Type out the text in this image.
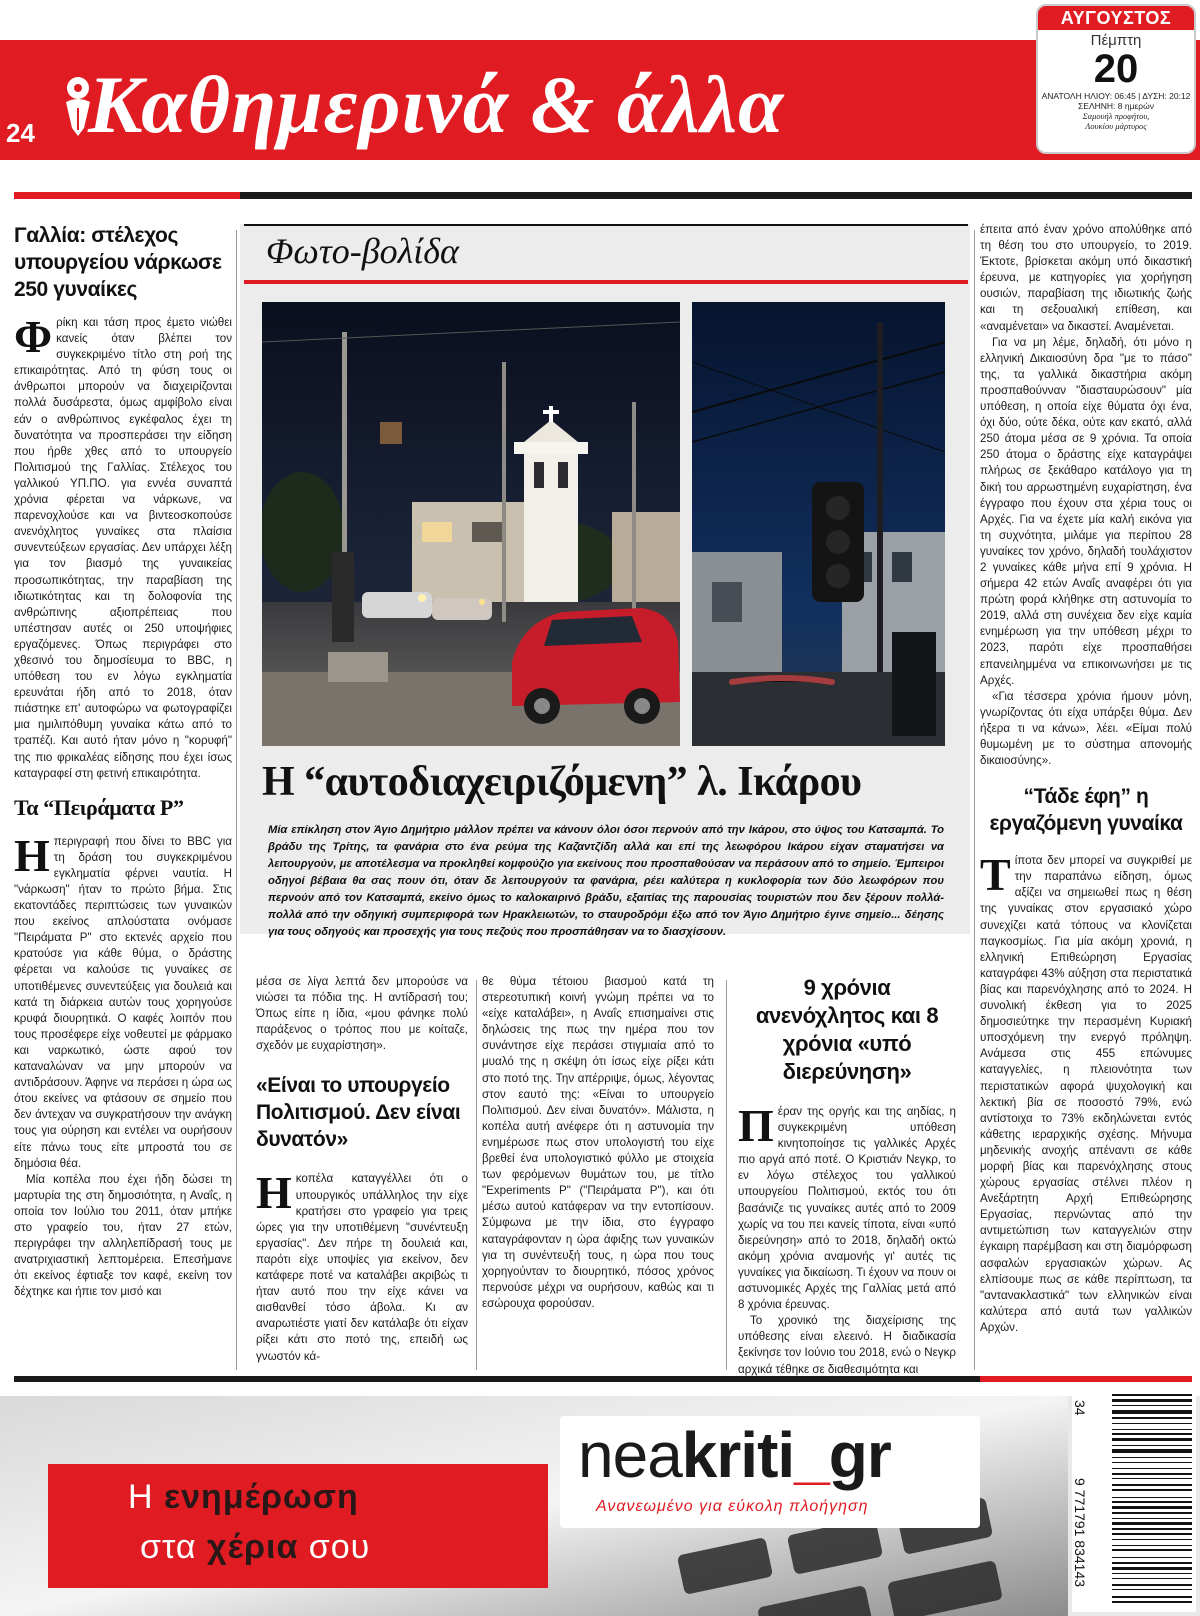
24 Καθημερινά & άλλα
ΑΥΓΟΥΣΤΟΣ
Πέμπτη
20
ΑΝΑΤΟΛΗ ΗΛΙΟΥ: 06:45 | ΔΥΣΗ: 20:12
ΣΕΛΗΝΗ: 8 ημερών
Σαμουήλ προφήτου,
Λουκίου μάρτυρος
Γαλλία: στέλεχος υπουργείου νάρκωσε 250 γυναίκες
Φρίκη και τάση προς έμετο νιώθει κανείς όταν βλέπει τον συγκεκριμένο τίτλο στη ροή της επικαιρότητας. Από τη φύση τους οι άνθρωποι μπορούν να διαχειρίζονται πολλά δυσάρεστα, όμως αμφίβολο είναι εάν ο ανθρώπινος εγκέφαλος έχει τη δυνατότητα να προσπεράσει την είδηση που ήρθε χθες από το υπουργείο Πολιτισμού της Γαλλίας. Στέλεχος του γαλλικού ΥΠ.ΠΟ. για εννέα συναπτά χρόνια φέρεται να νάρκωνε, να παρενοχλούσε και να βιντεοσκοπούσε ανενόχλητος γυναίκες στα πλαίσια συνεντεύξεων εργασίας. Δεν υπάρχει λέξη για τον βιασμό της γυναικείας προσωπικότητας, την παραβίαση της ιδιωτικότητας και τη δολοφονία της ανθρώπινης αξιοπρέπειας που υπέστησαν αυτές οι 250 υποψήφιες εργαζόμενες. Όπως περιγράφει στο χθεσινό του δημοσίευμα το BBC, η υπόθεση του εν λόγω εγκληματία ερευνάται ήδη από το 2018, όταν πιάστηκε επ' αυτοφώρω να φωτογραφίζει μια ημιλιπόθυμη γυναίκα κάτω από το τραπέζι. Και αυτό ήταν μόνο η "κορυφή" της πιο φρικαλέας είδησης που έχει ίσως καταγραφεί στη φετινή επικαιρότητα.
Τα “Πειράματα Ρ”
Ηπεριγραφή που δίνει το BBC για τη δράση του συγκεκριμένου εγκληματία φέρνει ναυτία. Η "νάρκωση" ήταν το πρώτο βήμα. Στις εκατοντάδες περιπτώσεις των γυναικών που εκείνος απλούστατα ονόμασε "Πειράματα Ρ" στο εκτενές αρχείο που κρατούσε για κάθε θύμα, ο δράστης φέρεται να καλούσε τις γυναίκες σε υποτιθέμενες συνεντεύξεις για δουλειά και κατά τη διάρκεια αυτών τους χορηγούσε κρυφά διουρητικά. Ο καφές λοιπόν που τους προσέφερε είχε νοθευτεί με φάρμακο και ναρκωτικό, ώστε αφού τον καταναλώναν να μην μπορούν να αντιδράσουν. Άφηνε να περάσει η ώρα ως ότου εκείνες να φτάσουν σε σημείο που δεν άντεχαν να συγκρατήσουν την ανάγκη τους για ούρηση και εντέλει να ουρήσουν είτε πάνω τους είτε μπροστά του σε δημόσια θέα.

Μία κοπέλα που έχει ήδη δώσει τη μαρτυρία της στη δημοσιότητα, η Αναΐς, η οποία τον Ιούλιο του 2011, όταν μπήκε στο γραφείο του, ήταν 27 ετών, περιγράφει την αλληλεπίδρασή τους με ανατριχιαστική λεπτομέρεια. Επεσήμανε ότι εκείνος έφτιαξε τον καφέ, εκείνη τον δέχτηκε και ήπιε τον μισό και

Φωτο-βολίδα
Η “αυτοδιαχειριζόμενη” λ. Ικάρου
Μία επίκληση στον Άγιο Δημήτριο μάλλον πρέπει να κάνουν όλοι όσοι περνούν από την Ικάρου, στο ύψος του Κατσαμπά. Το βράδυ της Τρίτης, τα φανάρια στο ένα ρεύμα της Καζαντζίδη αλλά και επί της λεωφόρου Ικάρου είχαν σταματήσει να λειτουργούν, με αποτέλεσμα να προκληθεί κομφούζιο για εκείνους που προσπαθούσαν να περάσουν από το σημείο. Έμπειροι οδηγοί βέβαια θα σας πουν ότι, όταν δε λειτουργούν τα φανάρια, ρέει καλύτερα η κυκλοφορία των δύο λεωφόρων που περνούν από τον Κατσαμπά, εκείνο όμως το καλοκαιρινό βράδυ, εξαιτίας της παρουσίας τουριστών που δεν ξέρουν πολλά-πολλά από την οδηγική συμπεριφορά των Ηρακλειωτών, το σταυροδρόμι έξω από τον Άγιο Δημήτριο έγινε σημείο... δέησης για τους οδηγούς και προσεχής για τους πεζούς που προσπάθησαν να το διασχίσουν.
έπειτα από έναν χρόνο απολύθηκε από τη θέση του στο υπουργείο, το 2019. Έκτοτε, βρίσκεται ακόμη υπό δικαστική έρευνα, με κατηγορίες για χορήγηση ουσιών, παραβίαση της ιδιωτικής ζωής και τη σεξουαλική επίθεση, και «αναμένεται» να δικαστεί. Αναμένεται.

Για να μη λέμε, δηλαδή, ότι μόνο η ελληνική Δικαιοσύνη δρα "με το πάσο" της, τα γαλλικά δικαστήρια ακόμη προσπαθούνναν "διασταυρώσουν" μία υπόθεση, η οποία είχε θύματα όχι ένα, όχι δύο, ούτε δέκα, ούτε καν εκατό, αλλά 250 άτομα μέσα σε 9 χρόνια. Τα οποία 250 άτομα ο δράστης είχε καταγράψει πλήρως σε ξεκάθαρο κατάλογο για τη δική του αρρωστημένη ευχαρίστηση, ένα έγγραφο που έχουν στα χέρια τους οι Αρχές. Για να έχετε μία καλή εικόνα για τη συχνότητα, μιλάμε για περίπου 28 γυναίκες τον χρόνο, δηλαδή τουλάχιστον 2 γυναίκες κάθε μήνα επί 9 χρόνια. Η σήμερα 42 ετών Αναΐς αναφέρει ότι για πρώτη φορά κλήθηκε στη αστυνομία το 2019, αλλά στη συνέχεια δεν είχε καμία ενημέρωση για την υπόθεση μέχρι το 2023, παρότι είχε προσπαθήσει επανειλημμένα να επικοινωνήσει με τις Αρχές.

«Για τέσσερα χρόνια ήμουν μόνη, γνωρίζοντας ότι είχα υπάρξει θύμα. Δεν ήξερα τι να κάνω», λέει. «Είμαι πολύ θυμωμένη με το σύστημα απονομής δικαιοσύνης».

“Τάδε έφη” η εργαζόμενη γυναίκα
Τίποτα δεν μπορεί να συγκριθεί με την παραπάνω είδηση, όμως αξίζει να σημειωθεί πως η θέση της γυναίκας στον εργασιακό χώρο συνεχίζει κατά τόπους να κλονίζεται παγκοσμίως. Για μία ακόμη χρονιά, η ελληνική Επιθεώρηση Εργασίας καταγράφει 43% αύξηση στα περιστατικά βίας και παρενόχλησης από το 2024. Η συνολική έκθεση για το 2025 δημοσιεύτηκε την περασμένη Κυριακή υποσχόμενη την ενεργό πρόληψη. Ανάμεσα στις 455 επώνυμες καταγγελίες, η πλειονότητα των περιστατικών αφορά ψυχολογική και λεκτική βία σε ποσοστό 79%, ενώ αντίστοιχα το 73% εκδηλώνεται εντός κάθετης ιεραρχικής σχέσης. Μήνυμα μηδενικής ανοχής απέναντι σε κάθε μορφή βίας και παρενόχλησης στους χώρους εργασίας στέλνει πλέον η Ανεξάρτητη Αρχή Επιθεώρησης Εργασίας, περνώντας από την αντιμετώπιση των καταγγελιών στην έγκαιρη παρέμβαση και στη διαμόρφωση ασφαλών εργασιακών χώρων. Ας ελπίσουμε πως σε κάθε περίπτωση, τα "αντανακλαστικά" των ελληνικών είναι καλύτερα από αυτά των γαλλικών Αρχών.
μέσα σε λίγα λεπτά δεν μπορούσε να νιώσει τα πόδια της. Η αντίδρασή του; Όπως είπε η ίδια, «μου φάνηκε πολύ παράξενος ο τρόπος που με κοίταζε, σχεδόν με ευχαρίστηση».
«Είναι το υπουργείο Πολιτισμού. Δεν είναι δυνατόν»
Ηκοπέλα καταγγέλλει ότι ο υπουργικός υπάλληλος την είχε κρατήσει στο γραφείο για τρεις ώρες για την υποτιθέμενη "συνέντευξη εργασίας". Δεν πήρε τη δουλειά και, παρότι είχε υποψίες για εκείνον, δεν κατάφερε ποτέ να καταλάβει ακριβώς τι ήταν αυτό που την είχε κάνει να αισθανθεί τόσο άβολα. Κι αν αναρωτιέστε γιατί δεν κατάλαβε ότι είχαν ρίξει κάτι στο ποτό της, επειδή ως γνωστόν κά-
θε θύμα τέτοιου βιασμού κατά τη στερεοτυπική κοινή γνώμη πρέπει να το «είχε καταλάβει», η Αναΐς επισημαίνει στις δηλώσεις της πως την ημέρα που τον συνάντησε είχε περάσει στιγμιαία από το μυαλό της η σκέψη ότι ίσως είχε ρίξει κάτι στο ποτό της. Την απέρριψε, όμως, λέγοντας στον εαυτό της: «Είναι το υπουργείο Πολιτισμού. Δεν είναι δυνατόν». Μάλιστα, η κοπέλα αυτή ανέφερε ότι η αστυνομία την ενημέρωσε πως στον υπολογιστή του είχε βρεθεί ένα υπολογιστικό φύλλο με στοιχεία των φερόμενων θυμάτων του, με τίτλο "Experiments P" ("Πειράματα Ρ"), και ότι μέσω αυτού κατάφεραν να την εντοπίσουν. Σύμφωνα με την ίδια, στο έγγραφο καταγράφονταν η ώρα άφιξης των γυναικών για τη συνέντευξή τους, η ώρα που τους χορηγούνταν το διουρητικό, πόσος χρόνος περνούσε μέχρι να ουρήσουν, καθώς και τι εσώρουχα φορούσαν.
9 χρόνια ανενόχλητος και 8 χρόνια «υπό διερεύνηση»
Πέραν της οργής και της αηδίας, η συγκεκριμένη υπόθεση κινητοποίησε τις γαλλικές Αρχές πιο αργά από ποτέ. Ο Κριστιάν Νεγκρ, το εν λόγω στέλεχος του γαλλικού υπουργείου Πολιτισμού, εκτός του ότι βασάνιζε τις γυναίκες αυτές από το 2009 χωρίς να του πει κανείς τίποτα, είναι «υπό διερεύνηση» από το 2018, δηλαδή οκτώ ακόμη χρόνια αναμονής γι' αυτές τις γυναίκες για δικαίωση. Τι έχουν να πουν οι αστυνομικές Αρχές της Γαλλίας μετά από 8 χρόνια έρευνας.

Το χρονικό της διαχείρισης της υπόθεσης είναι ελεεινό. Η διαδικασία ξεκίνησε τον Ιούνιο του 2018, ενώ ο Νεγκρ αρχικά τέθηκε σε διαθεσιμότητα και

Η ενημέρωση
στα χέρια σου
neakriti_gr
Ανανεωμένο για εύκολη πλοήγηση
34
9 771791 834143
